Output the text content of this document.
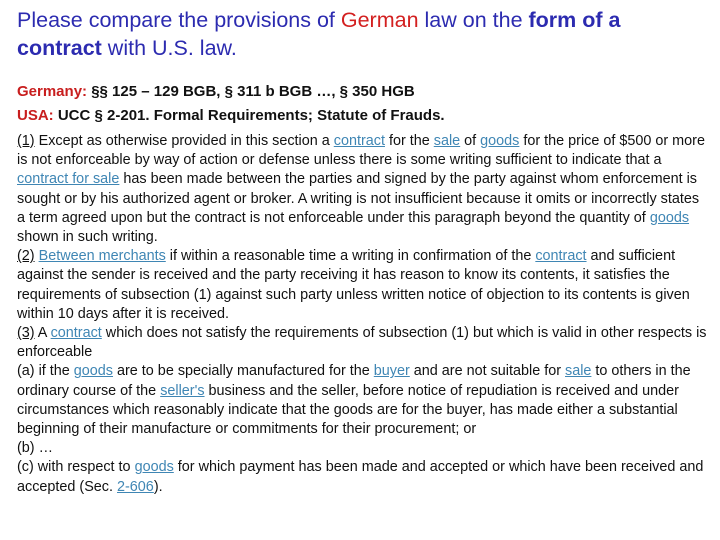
Please compare the provisions of German law on the form of a contract with U.S. law.
Germany: §§ 125 – 129 BGB, § 311 b BGB …, § 350 HGB
USA: UCC § 2-201. Formal Requirements; Statute of Frauds.

(1) Except as otherwise provided in this section a contract for the sale of goods for the price of $500 or more is not enforceable by way of action or defense unless there is some writing sufficient to indicate that a contract for sale has been made between the parties and signed by the party against whom enforcement is sought or by his authorized agent or broker. A writing is not insufficient because it omits or incorrectly states a term agreed upon but the contract is not enforceable under this paragraph beyond the quantity of goods shown in such writing.

(2) Between merchants if within a reasonable time a writing in confirmation of the contract and sufficient against the sender is received and the party receiving it has reason to know its contents, it satisfies the requirements of subsection (1) against such party unless written notice of objection to its contents is given within 10 days after it is received.

(3) A contract which does not satisfy the requirements of subsection (1) but which is valid in other respects is enforceable

(a) if the goods are to be specially manufactured for the buyer and are not suitable for sale to others in the ordinary course of the seller's business and the seller, before notice of repudiation is received and under circumstances which reasonably indicate that the goods are for the buyer, has made either a substantial beginning of their manufacture or commitments for their procurement; or

(b) …

(c) with respect to goods for which payment has been made and accepted or which have been received and accepted (Sec. 2-606).
